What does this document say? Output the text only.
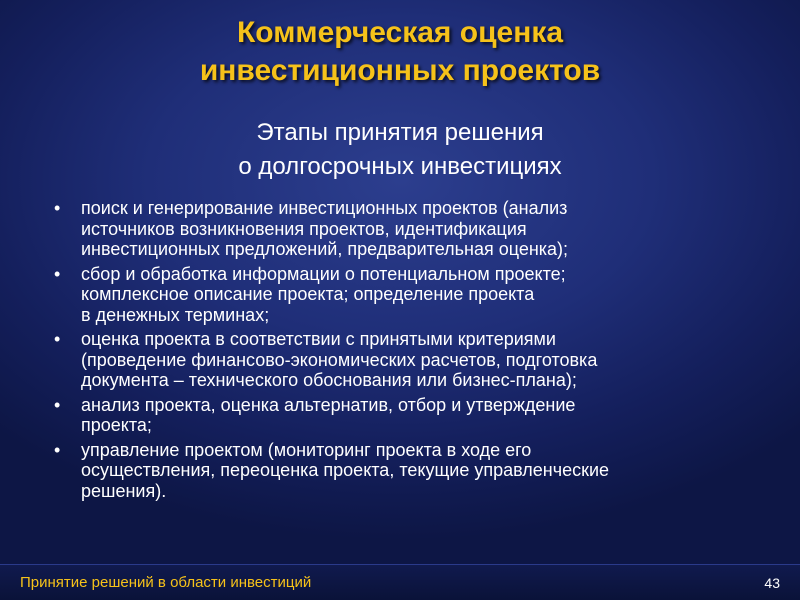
Коммерческая оценка
инвестиционных проектов
Этапы принятия решения
о долгосрочных инвестициях
• поиск и генерирование инвестиционных проектов (анализ
источников возникновения проектов, идентификация
инвестиционных предложений, предварительная оценка);
• сбор и обработка информации о потенциальном проекте;
комплексное описание проекта; определение проекта
в денежных терминах;
• оценка проекта в соответствии с принятыми критериями
(проведение финансово-экономических расчетов, подготовка
документа – технического обоснования или бизнес-плана);
• анализ проекта, оценка альтернатив, отбор и утверждение
проекта;
• управление проектом (мониторинг проекта в ходе его
осуществления, переоценка проекта, текущие управленческие
решения).
Принятие решений в области инвестиций	43
